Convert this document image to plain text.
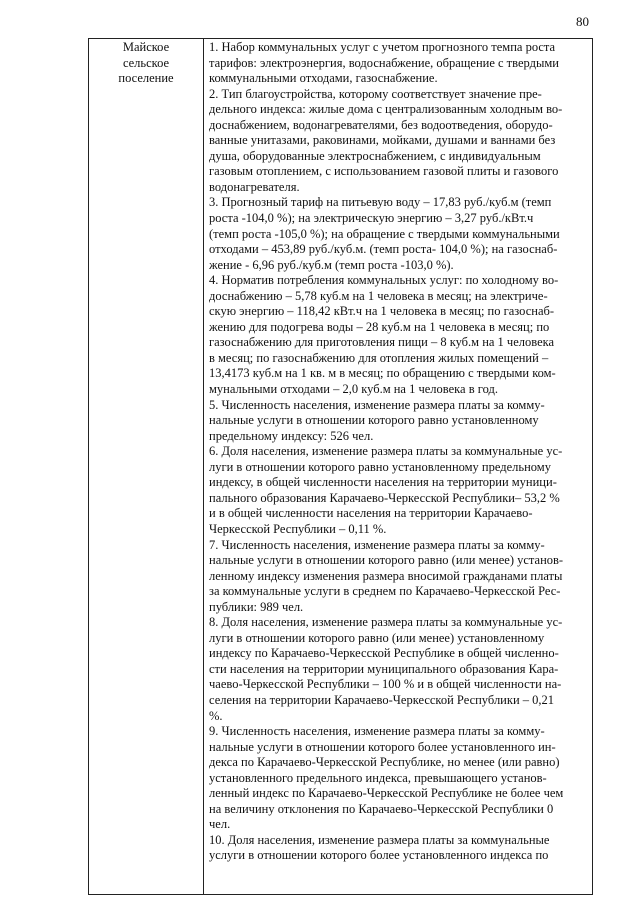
80
Майское
сельское
поселение
1. Набор коммунальных услуг с учетом прогнозного темпа роста
тарифов: электроэнергия, водоснабжение, обращение с твердыми
коммунальными отходами, газоснабжение.
2. Тип благоустройства, которому соответствует значение пре-
дельного индекса: жилые дома с централизованным холодным во-
доснабжением, водонагревателями, без водоотведения, оборудо-
ванные унитазами, раковинами, мойками, душами и ваннами без
душа, оборудованные электроснабжением, с индивидуальным
газовым отоплением, с использованием газовой плиты и газового
водонагревателя.
3. Прогнозный тариф на питьевую воду – 17,83 руб./куб.м (темп
роста -104,0 %); на электрическую энергию – 3,27 руб./кВт.ч
(темп роста -105,0 %); на обращение с твердыми коммунальными
отходами – 453,89 руб./куб.м. (темп роста- 104,0 %); на газоснаб-
жение - 6,96 руб./куб.м (темп роста -103,0 %).
4. Норматив потребления коммунальных услуг: по холодному во-
доснабжению – 5,78 куб.м на 1 человека в месяц; на электриче-
скую энергию – 118,42 кВт.ч на 1 человека в месяц; по газоснаб-
жению для подогрева воды – 28 куб.м на 1 человека в месяц; по
газоснабжению для приготовления пищи – 8 куб.м на 1 человека
в месяц; по газоснабжению для отопления жилых помещений –
13,4173 куб.м на 1 кв. м в месяц; по обращению с твердыми ком-
мунальными отходами – 2,0 куб.м на 1 человека в год.
5. Численность населения, изменение размера платы за комму-
нальные услуги в отношении которого равно установленному
предельному индексу: 526 чел.
6. Доля населения, изменение размера платы за коммунальные ус-
луги в отношении которого равно установленному предельному
индексу, в общей численности населения на территории муници-
пального образования Карачаево-Черкесской Республики– 53,2 %
и в общей численности населения на территории Карачаево-
Черкесской Республики – 0,11 %.
7. Численность населения, изменение размера платы за комму-
нальные услуги в отношении которого равно (или менее) установ-
ленному индексу изменения размера вносимой гражданами платы
за коммунальные услуги в среднем по Карачаево-Черкесской Рес-
публики: 989 чел.
8. Доля населения, изменение размера платы за коммунальные ус-
луги в отношении которого равно (или менее) установленному
индексу по Карачаево-Черкесской Республике в общей численно-
сти населения на территории муниципального образования Кара-
чаево-Черкесской Республики – 100 % и в общей численности на-
селения на территории Карачаево-Черкесской Республики – 0,21
%.
9. Численность населения, изменение размера платы за комму-
нальные услуги в отношении которого более установленного ин-
декса по Карачаево-Черкесской Республике, но менее (или равно)
установленного предельного индекса, превышающего установ-
ленный индекс по Карачаево-Черкесской Республике не более чем
на величину отклонения по Карачаево-Черкесской Республики 0
чел.
10. Доля населения, изменение размера платы за коммунальные
услуги в отношении которого более установленного индекса по
